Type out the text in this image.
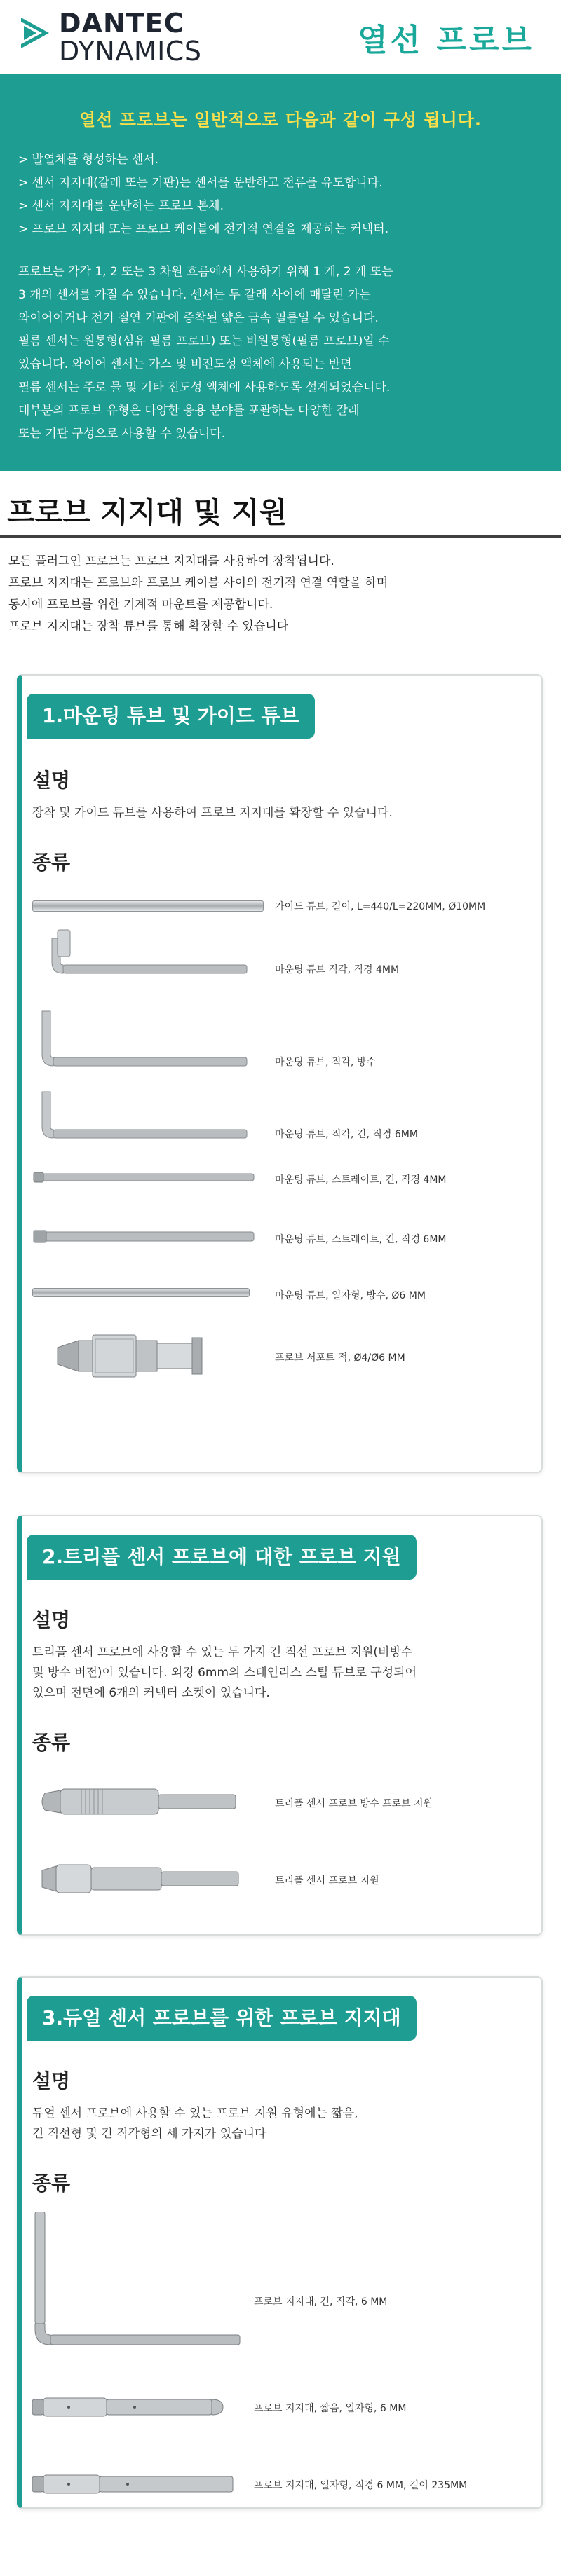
DANTEC
DYNAMICS	열선 프로브
열선 프로브는 일반적으로 다음과 같이 구성 됩니다.
> 발열체를 형성하는 센서.
> 센서 지지대(갈래 또는 기판)는 센서를 운반하고 전류를 유도합니다.
> 센서 지지대를 운반하는 프로브 본체.
> 프로브 지지대 또는 프로브 케이블에 전기적 연결을 제공하는 커넥터.
프로브는 각각 1, 2 또는 3 차원 흐름에서 사용하기 위해 1 개, 2 개 또는
3 개의 센서를 가질 수 있습니다. 센서는 두 갈래 사이에 매달린 가는
와이어이거나 전기 절연 기판에 증착된 얇은 금속 필름일 수 있습니다.
필름 센서는 원통형(섬유 필름 프로브) 또는 비원통형(필름 프로브)일 수
있습니다. 와이어 센서는 가스 및 비전도성 액체에 사용되는 반면
필름 센서는 주로 물 및 기타 전도성 액체에 사용하도록 설계되었습니다.
대부분의 프로브 유형은 다양한 응용 분야를 포괄하는 다양한 갈래
또는 기판 구성으로 사용할 수 있습니다.
프로브 지지대 및 지원
모든 플러그인 프로브는 프로브 지지대를 사용하여 장착됩니다.
프로브 지지대는 프로브와 프로브 케이블 사이의 전기적 연결 역할을 하며
동시에 프로브를 위한 기계적 마운트를 제공합니다.
프로브 지지대는 장착 튜브를 통해 확장할 수 있습니다
1.마운팅 튜브 및 가이드 튜브
설명
장착 및 가이드 튜브를 사용하여 프로브 지지대를 확장할 수 있습니다.
종류
가이드 튜브, 길이, L=440/L=220MM, Ø10MM
마운팅 튜브 직각, 직경 4MM
마운팅 튜브, 직각, 방수
마운팅 튜브, 직각, 긴, 직경 6MM
마운팅 튜브, 스트레이트, 긴, 직경 4MM
마운팅 튜브, 스트레이트, 긴, 직경 6MM
마운팅 튜브, 일자형, 방수, Ø6 MM
프로브 서포트 적, Ø4/Ø6 MM
2.트리플 센서 프로브에 대한 프로브 지원
설명
트리플 센서 프로브에 사용할 수 있는 두 가지 긴 직선 프로브 지원(비방수
및 방수 버전)이 있습니다. 외경 6mm의 스테인리스 스틸 튜브로 구성되어
있으며 전면에 6개의 커넥터 소켓이 있습니다.
종류
트리플 센서 프로브 방수 프로브 지원
트리플 센서 프로브 지원
3.듀얼 센서 프로브를 위한 프로브 지지대
설명
듀얼 센서 프로브에 사용할 수 있는 프로브 지원 유형에는 짧음,
긴 직선형 및 긴 직각형의 세 가지가 있습니다
종류
프로브 지지대, 긴, 직각, 6 MM
프로브 지지대, 짧음, 일자형, 6 MM
프로브 지지대, 일자형, 직경 6 MM, 길이 235MM
